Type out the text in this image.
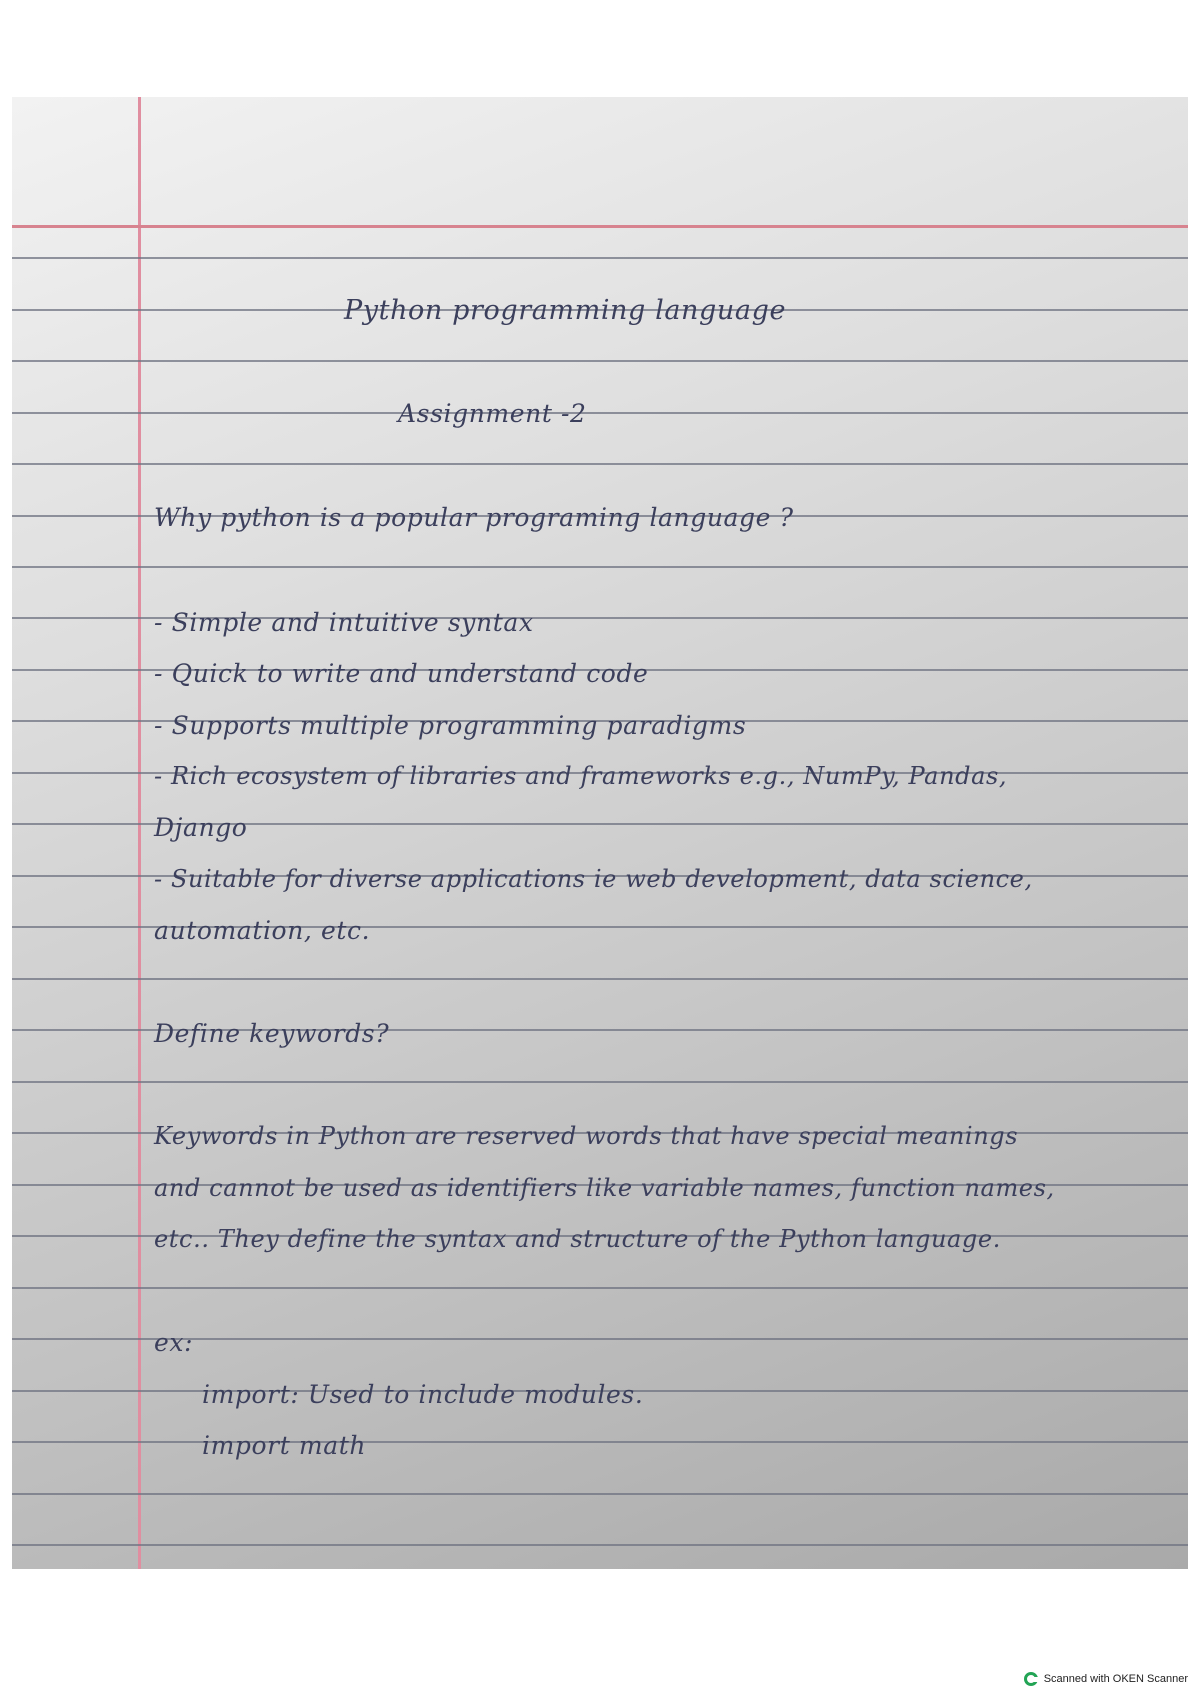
Python programming language
Assignment -2
Why python is a popular programing language ?
- Simple and intuitive syntax
- Quick to write and understand code
- Supports multiple programming paradigms
- Rich ecosystem of libraries and frameworks e.g., NumPy, Pandas,
Django
- Suitable for diverse applications ie web development, data science,
automation, etc.
Define keywords?
Keywords in Python are reserved words that have special meanings
and cannot be used as identifiers like variable names, function names,
etc.. They define the syntax and structure of the Python language.
ex:
import: Used to include modules.
import math
Scanned with OKEN Scanner
